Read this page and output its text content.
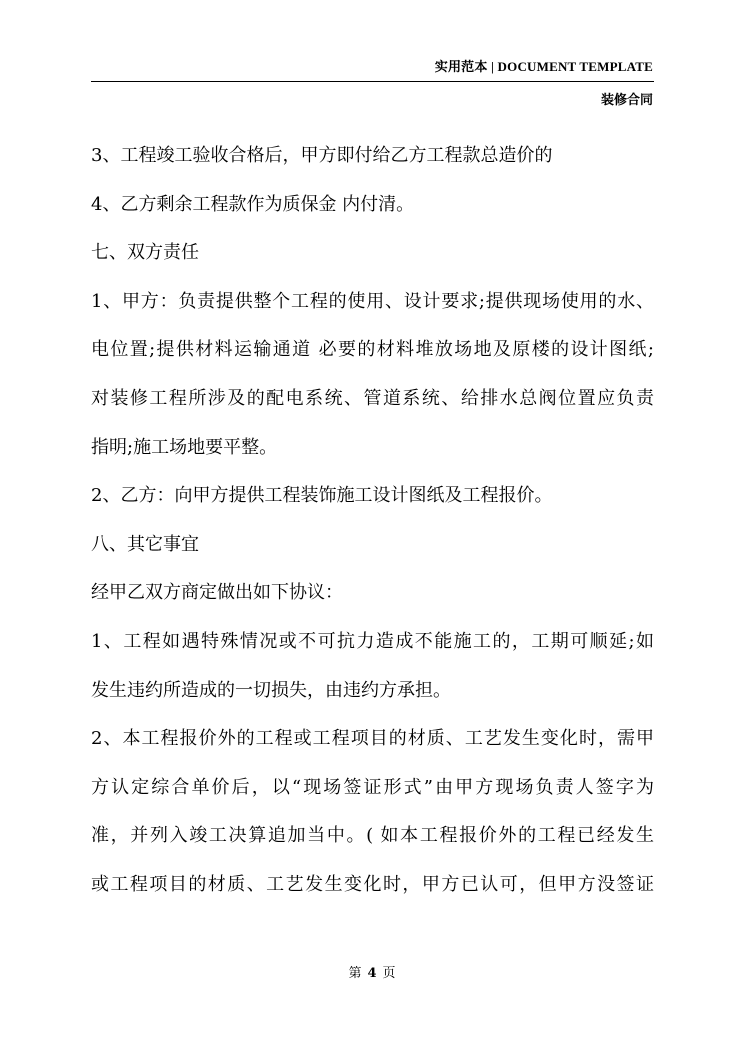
实用范本 | DOCUMENT TEMPLATE
装修合同
3、工程竣工验收合格后，甲方即付给乙方工程款总造价的
4、乙方剩余工程款作为质保金 内付清。
七、双方责任
1、甲方：负责提供整个工程的使用、设计要求;提供现场使用的水、
电位置;提供材料运输通道 必要的材料堆放场地及原楼的设计图纸;
对装修工程所涉及的配电系统、管道系统、给排水总阀位置应负责
指明;施工场地要平整。
2、乙方：向甲方提供工程装饰施工设计图纸及工程报价。
八、其它事宜
经甲乙双方商定做出如下协议：
1、工程如遇特殊情况或不可抗力造成不能施工的，工期可顺延;如
发生违约所造成的一切损失，由违约方承担。
2、本工程报价外的工程或工程项目的材质、工艺发生变化时，需甲
方认定综合单价后，以“现场签证形式”由甲方现场负责人签字为
准，并列入竣工决算追加当中。( 如本工程报价外的工程已经发生
或工程项目的材质、工艺发生变化时，甲方已认可，但甲方没签证
第 4 页
